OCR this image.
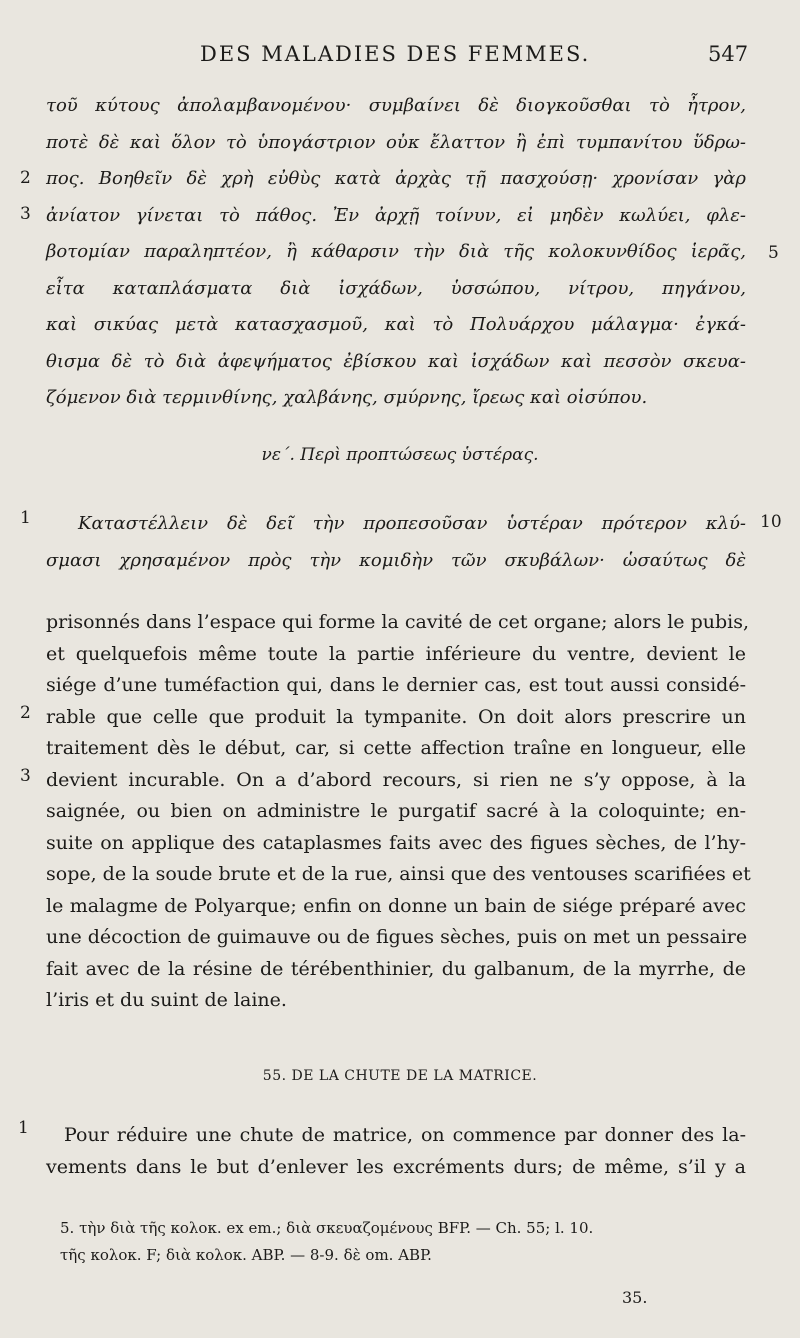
DES MALADIES DES FEMMES.	547
τοῦ κύτους ἀπολαμβανομένου· συμβαίνει δὲ διογκοῦσθαι τὸ ἦτρον,
ποτὲ δὲ καὶ ὅλον τὸ ὑπογάστριον οὐκ ἔλαττον ἢ ἐπὶ τυμπανίτου ὕδρω-
πος. Βοηθεῖν δὲ χρὴ εὐθὺς κατὰ ἀρχὰς τῇ πασχούσῃ· χρονίσαν γὰρ
ἀνίατον γίνεται τὸ πάθος. Ἐν ἀρχῇ τοίνυν, εἰ μηδὲν κωλύει, φλε-
βοτομίαν παραληπτέον, ἢ κάθαρσιν τὴν διὰ τῆς κολοκυνθίδος ἱερᾶς,
εἶτα καταπλάσματα διὰ ἰσχάδων, ὑσσώπου, νίτρου, πηγάνου,
καὶ σικύας μετὰ κατασχασμοῦ, καὶ τὸ Πολυάρχου μάλαγμα· ἐγκά-
θισμα δὲ τὸ διὰ ἀφεψήματος ἐβίσκου καὶ ἰσχάδων καὶ πεσσὸν σκευα-
ζόμενον διὰ τερμινθίνης, χαλβάνης, σμύρνης, ἴρεως καὶ οἰσύπου.
νε΄. Περὶ προπτώσεως ὑστέρας.
Καταστέλλειν δὲ δεῖ τὴν προπεσοῦσαν ὑστέραν πρότερον κλύ-
σμασι χρησαμένον πρὸς τὴν κομιδὴν τῶν σκυβάλων· ὡσαύτως δὲ
2
3
1
5
10
prisonnés dans l’espace qui forme la cavité de cet organe; alors le pubis,
et quelquefois même toute la partie inférieure du ventre, devient le
siége d’une tuméfaction qui, dans le dernier cas, est tout aussi considé-
rable que celle que produit la tympanite. On doit alors prescrire un
traitement dès le début, car, si cette affection traîne en longueur, elle
devient incurable. On a d’abord recours, si rien ne s’y oppose, à la
saignée, ou bien on administre le purgatif sacré à la coloquinte; en-
suite on applique des cataplasmes faits avec des figues sèches, de l’hy-
sope, de la soude brute et de la rue, ainsi que des ventouses scarifiées et
le malagme de Polyarque; enfin on donne un bain de siége préparé avec
une décoction de guimauve ou de figues sèches, puis on met un pessaire
fait avec de la résine de térébenthinier, du galbanum, de la myrrhe, de
l’iris et du suint de laine.
2
3
1
55. DE LA CHUTE DE LA MATRICE.
Pour réduire une chute de matrice, on commence par donner des la-
vements dans le but d’enlever les excréments durs; de même, s’il y a
5. τὴν διὰ τῆς κολοκ. ex em.; διὰ σκευαζομένους BFP. — Ch. 55; l. 10.
τῆς κολοκ. F; διὰ κολοκ. ABP. — 8-9. δὲ om. ABP.
35.
